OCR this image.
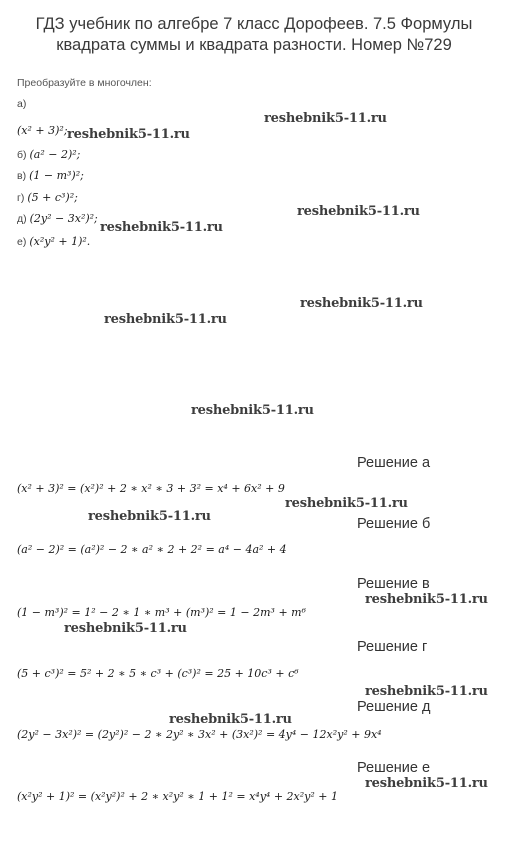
ГДЗ учебник по алгебре 7 класс Дорофеев. 7.5 Формулы квадрата суммы и квадрата разности. Номер №729
Преобразуйте в многочлен:
а)
(x² + 3)²;
б) (a² − 2)²;
в) (1 − m³)²;
г) (5 + c³)²;
д) (2y² − 3x²)²;
е) (x²y² + 1)².
Решение а
(x² + 3)² = (x²)² + 2 ∗ x² ∗ 3 + 3² = x⁴ + 6x² + 9
Решение б
(a² − 2)² = (a²)² − 2 ∗ a² ∗ 2 + 2² = a⁴ − 4a² + 4
Решение в
(1 − m³)² = 1² − 2 ∗ 1 ∗ m³ + (m³)² = 1 − 2m³ + m⁶
Решение г
(5 + c³)² = 5² + 2 ∗ 5 ∗ c³ + (c³)² = 25 + 10c³ + c⁶
Решение д
(2y² − 3x²)² = (2y²)² − 2 ∗ 2y² ∗ 3x² + (3x²)² = 4y⁴ − 12x²y² + 9x⁴
Решение е
(x²y² + 1)² = (x²y²)² + 2 ∗ x²y² ∗ 1 + 1² = x⁴y⁴ + 2x²y² + 1
reshebnik5-11.ru
reshebnik5-11.ru
reshebnik5-11.ru
reshebnik5-11.ru
reshebnik5-11.ru
reshebnik5-11.ru
reshebnik5-11.ru
reshebnik5-11.ru
reshebnik5-11.ru
reshebnik5-11.ru
reshebnik5-11.ru
reshebnik5-11.ru
reshebnik5-11.ru
reshebnik5-11.ru
